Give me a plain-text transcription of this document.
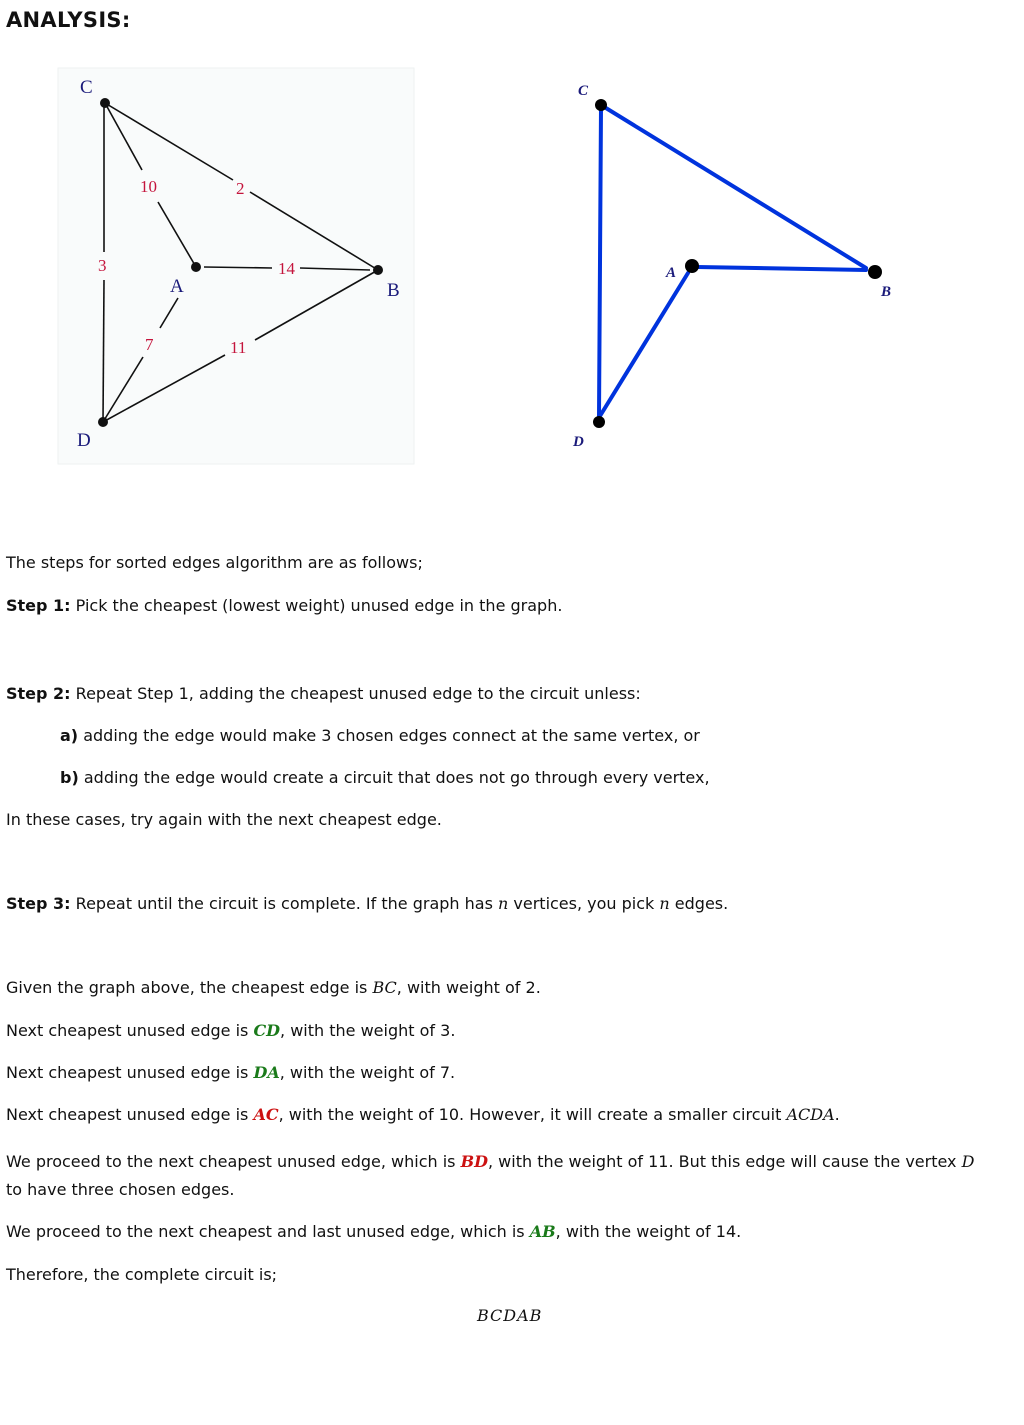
ANALYSIS:
C
A	B
D
2
3
7
10
11
14
C
A
B
D
The steps for sorted edges algorithm are as follows;
Step 1: Pick the cheapest (lowest weight) unused edge in the graph.
Step 2: Repeat Step 1, adding the cheapest unused edge to the circuit unless:
a) adding the edge would make 3 chosen edges connect at the same vertex, or
b) adding the edge would create a circuit that does not go through every vertex,
In these cases, try again with the next cheapest edge.
Step 3: Repeat until the circuit is complete. If the graph has n vertices, you pick n edges.
Given the graph above, the cheapest edge is BC, with weight of 2.
Next cheapest unused edge is CD, with the weight of 3.
Next cheapest unused edge is DA, with the weight of 7.
Next cheapest unused edge is AC, with the weight of 10. However, it will create a smaller circuit ACDA.
We proceed to the next cheapest unused edge, which is BD, with the weight of 11. But this edge will cause the vertex D
to have three chosen edges.
We proceed to the next cheapest and last unused edge, which is AB, with the weight of 14.
Therefore, the complete circuit is;
BCDAB
